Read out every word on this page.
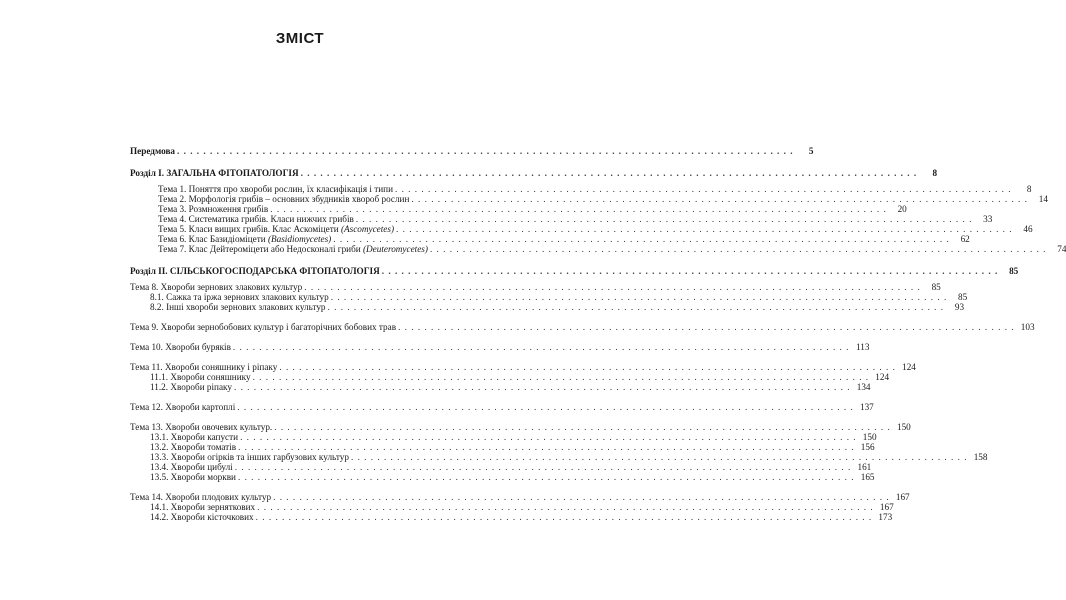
ЗМІСТ
Передмова . . .	5
Розділ І. ЗАГАЛЬНА ФІТОПАТОЛОГІЯ . . .	8
Тема 1. Поняття про хвороби рослин, їх класифікація і типи . . .	8
Тема 2. Морфологія грибів – основних збудників хвороб рослин . . .	14
Тема 3. Розмноження грибів . . .	20
Тема 4. Систематика грибів. Класи нижчих грибів . . .	33
Тема 5. Класи вищих грибів. Клас Аскоміцети (Ascomycetes) . . .	46
Тема 6. Клас Базидіоміцети (Basidiomycetes) . . .	62
Тема 7. Клас Дейтероміцети або Недосконалі гриби (Deuteromycetes) . . .	74
Розділ ІІ. СІЛЬСЬКОГОСПОДАРСЬКА ФІТОПАТОЛОГІЯ . . .	85
Тема 8. Хвороби зернових злакових культур . . .	85
8.1. Сажка та іржа зернових злакових культур . . .	85
8.2. Інші хвороби зернових злакових культур . . .	93
Тема 9. Хвороби зернобобових культур і багаторічних бобових трав . . .	103
Тема 10. Хвороби буряків . . .	113
Тема 11. Хвороби соняшнику і ріпаку . . .	124
11.1. Хвороби соняшнику . . .	124
11.2. Хвороби ріпаку . . .	134
Тема 12. Хвороби картоплі . . .	137
Тема 13. Хвороби овочевих культур. . . .	150
13.1. Хвороби капусти . . .	150
13.2. Хвороби томатів . . .	156
13.3. Хвороби огірків та інших гарбузових культур . . .	158
13.4. Хвороби цибулі . . .	161
13.5. Хвороби моркви . . .	165
Тема 14. Хвороби плодових культур . . .	167
14.1. Хвороби зерняткових . . .	167
14.2. Хвороби кісточкових . . .	173
